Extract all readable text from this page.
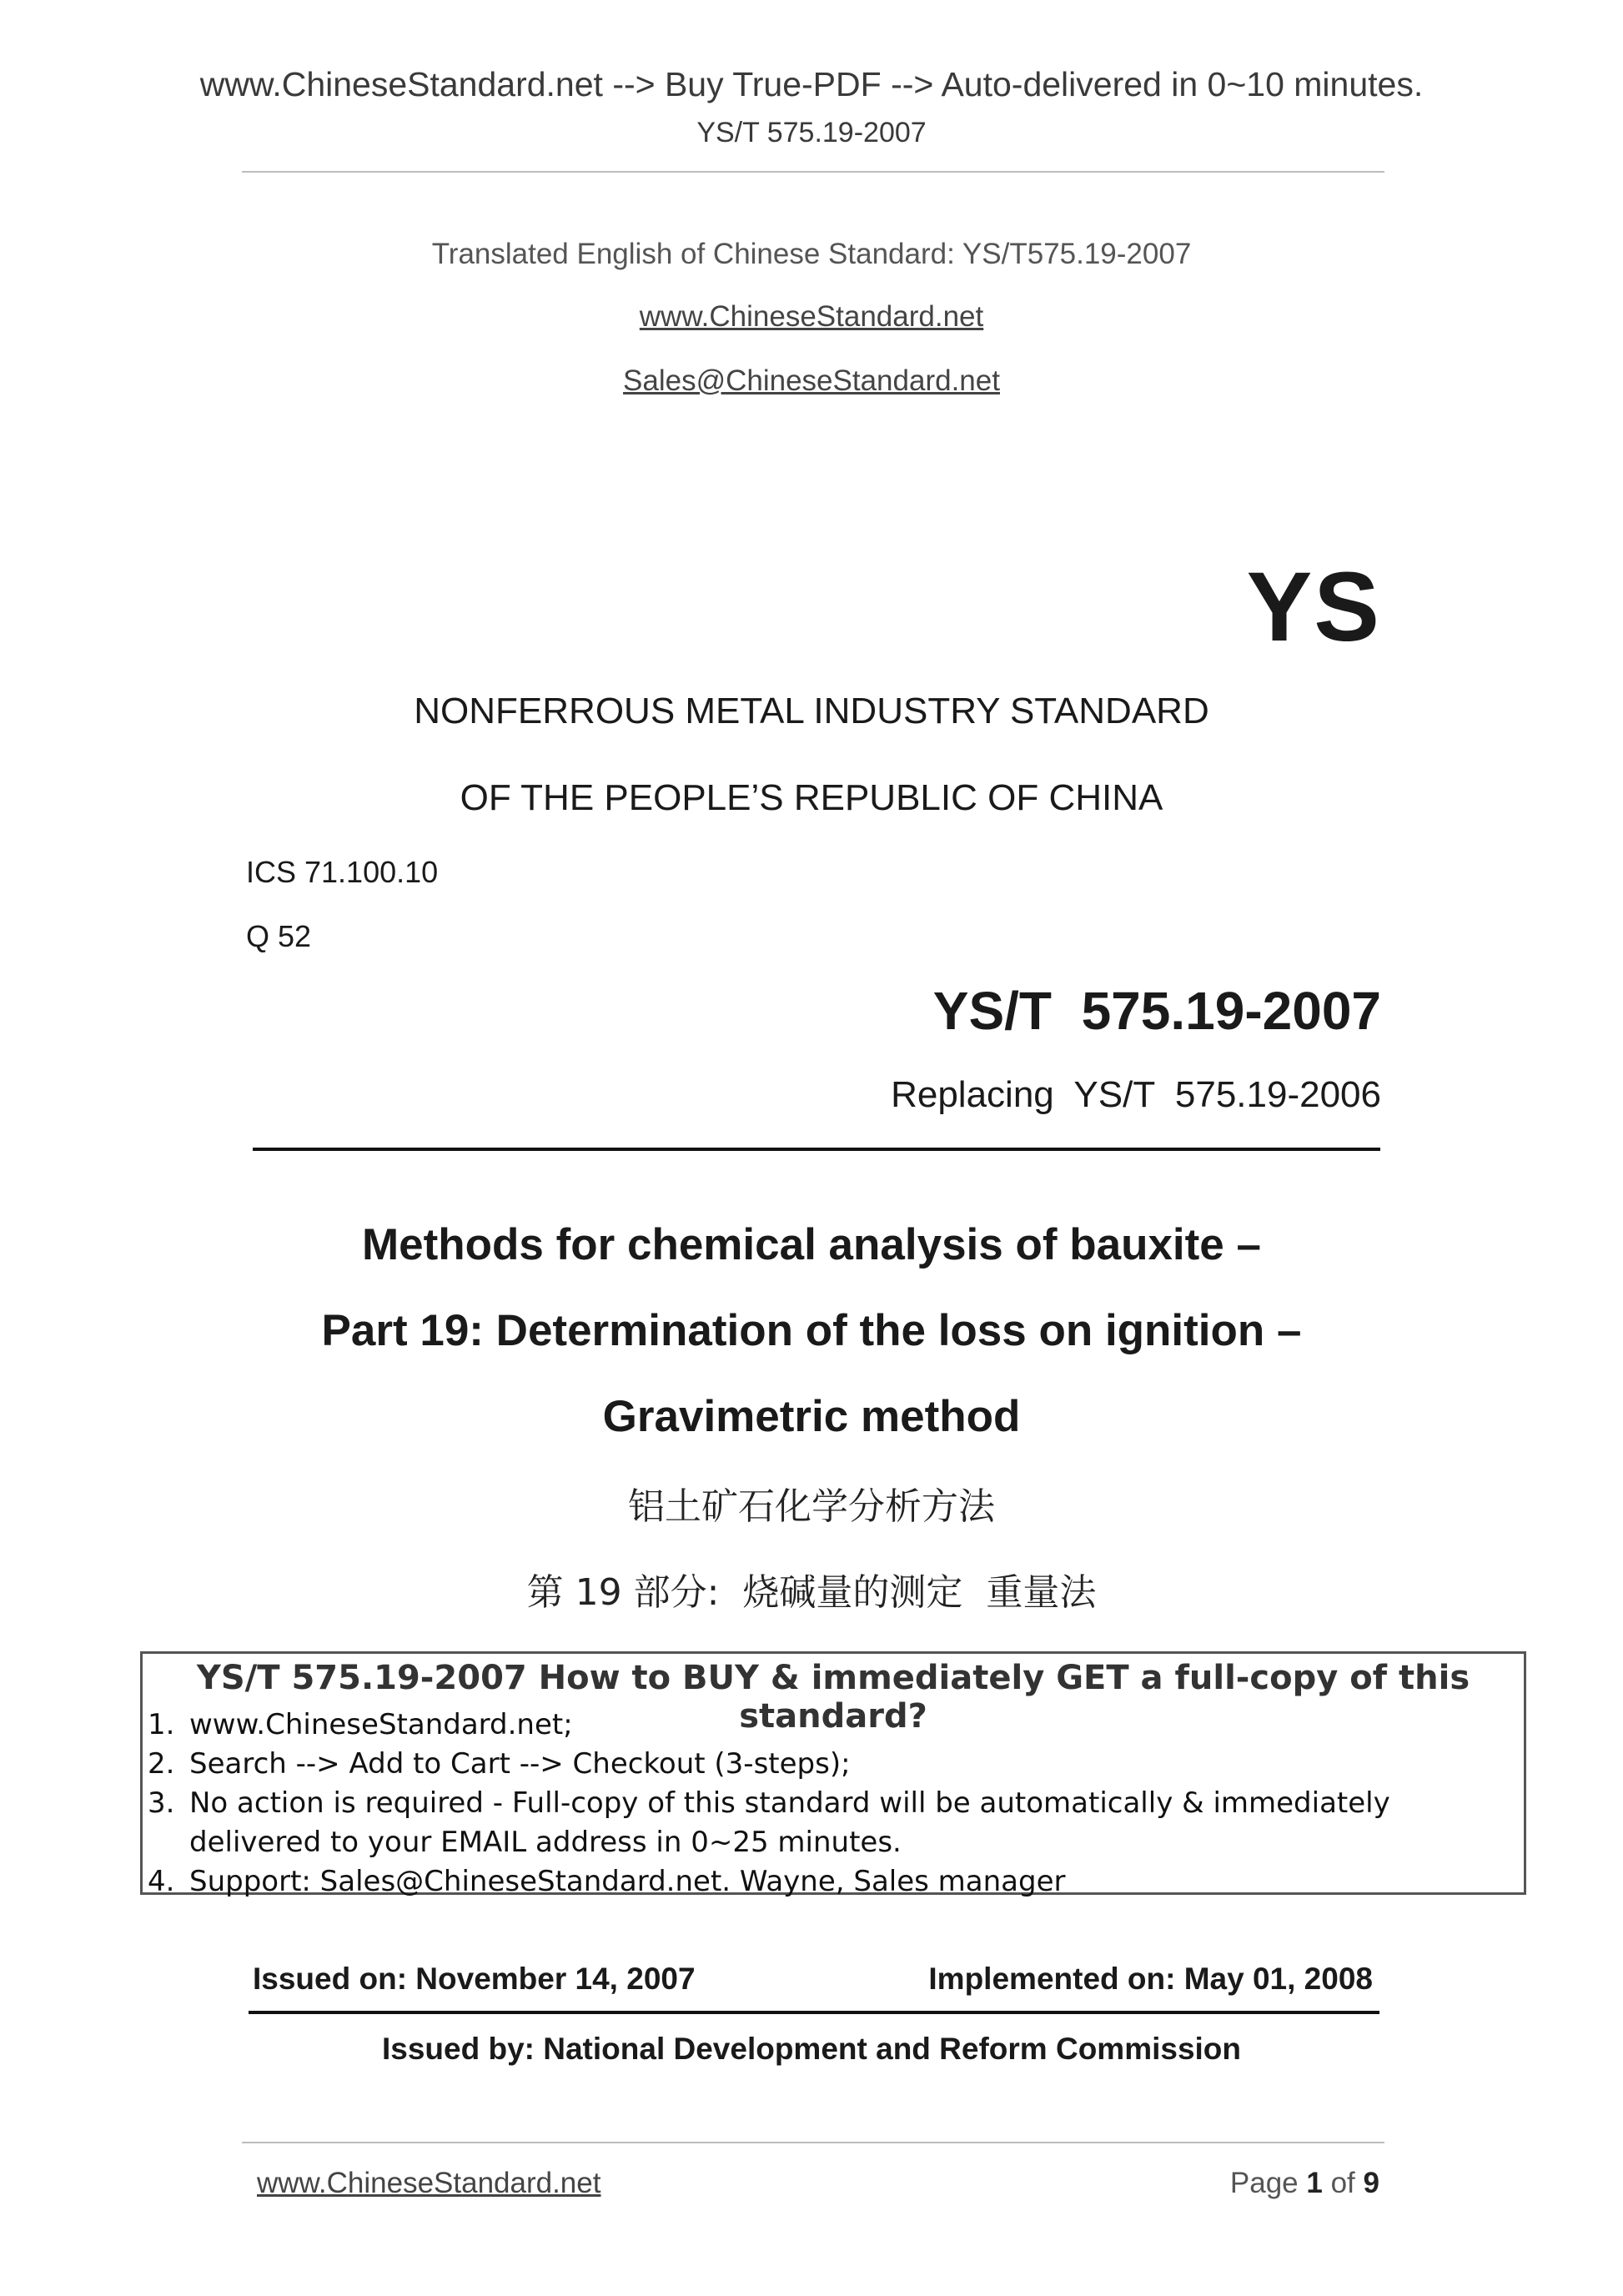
www.ChineseStandard.net --> Buy True-PDF --> Auto-delivered in 0~10 minutes.
YS/T 575.19-2007
Translated English of Chinese Standard: YS/T575.19-2007
www.ChineseStandard.net
Sales@ChineseStandard.net
YS
NONFERROUS METAL INDUSTRY STANDARD
OF THE PEOPLE’S REPUBLIC OF CHINA
ICS 71.100.10
Q 52
YS/T  575.19-2007
Replacing  YS/T  575.19-2006
Methods for chemical analysis of bauxite –
Part 19: Determination of the loss on ignition –
Gravimetric method
铝土矿石化学分析方法
第 19 部分:  烧碱量的测定  重量法
YS/T 575.19-2007 How to BUY & immediately GET a full-copy of this standard?
1. www.ChineseStandard.net;
2. Search --> Add to Cart --> Checkout (3-steps);
3. No action is required - Full-copy of this standard will be automatically & immediately delivered to your EMAIL address in 0~25 minutes.
4. Support: Sales@ChineseStandard.net. Wayne, Sales manager
Issued on: November 14, 2007	Implemented on: May 01, 2008
Issued by: National Development and Reform Commission
www.ChineseStandard.net	Page 1 of 9
